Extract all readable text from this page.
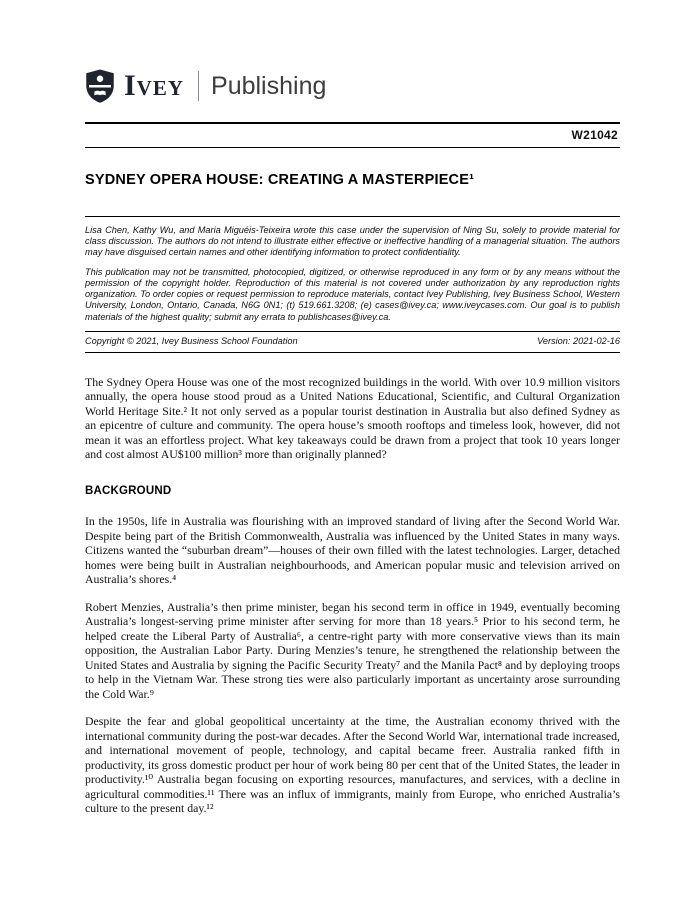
Ivey Publishing
W21042
SYDNEY OPERA HOUSE: CREATING A MASTERPIECE¹

Lisa Chen, Kathy Wu, and Maria Miguéis-Teixeira wrote this case under the supervision of Ning Su, solely to provide material for class discussion. The authors do not intend to illustrate either effective or ineffective handling of a managerial situation. The authors may have disguised certain names and other identifying information to protect confidentiality.

This publication may not be transmitted, photocopied, digitized, or otherwise reproduced in any form or by any means without the permission of the copyright holder. Reproduction of this material is not covered under authorization by any reproduction rights organization. To order copies or request permission to reproduce materials, contact Ivey Publishing, Ivey Business School, Western University, London, Ontario, Canada, N6G 0N1; (t) 519.661.3208; (e) cases@ivey.ca; www.iveycases.com. Our goal is to publish materials of the highest quality; submit any errata to publishcases@ivey.ca.

Copyright © 2021, Ivey Business School Foundation	Version: 2021-02-16

The Sydney Opera House was one of the most recognized buildings in the world. With over 10.9 million visitors annually, the opera house stood proud as a United Nations Educational, Scientific, and Cultural Organization World Heritage Site.² It not only served as a popular tourist destination in Australia but also defined Sydney as an epicentre of culture and community. The opera house’s smooth rooftops and timeless look, however, did not mean it was an effortless project. What key takeaways could be drawn from a project that took 10 years longer and cost almost AU$100 million³ more than originally planned?

BACKGROUND

In the 1950s, life in Australia was flourishing with an improved standard of living after the Second World War. Despite being part of the British Commonwealth, Australia was influenced by the United States in many ways. Citizens wanted the “suburban dream”—houses of their own filled with the latest technologies. Larger, detached homes were being built in Australian neighbourhoods, and American popular music and television arrived on Australia’s shores.⁴

Robert Menzies, Australia’s then prime minister, began his second term in office in 1949, eventually becoming Australia’s longest-serving prime minister after serving for more than 18 years.⁵ Prior to his second term, he helped create the Liberal Party of Australia⁶, a centre-right party with more conservative views than its main opposition, the Australian Labor Party. During Menzies’s tenure, he strengthened the relationship between the United States and Australia by signing the Pacific Security Treaty⁷ and the Manila Pact⁸ and by deploying troops to help in the Vietnam War. These strong ties were also particularly important as uncertainty arose surrounding the Cold War.⁹

Despite the fear and global geopolitical uncertainty at the time, the Australian economy thrived with the international community during the post-war decades. After the Second World War, international trade increased, and international movement of people, technology, and capital became freer. Australia ranked fifth in productivity, its gross domestic product per hour of work being 80 per cent that of the United States, the leader in productivity.¹⁰ Australia began focusing on exporting resources, manufactures, and services, with a decline in agricultural commodities.¹¹ There was an influx of immigrants, mainly from Europe, who enriched Australia’s culture to the present day.¹²
